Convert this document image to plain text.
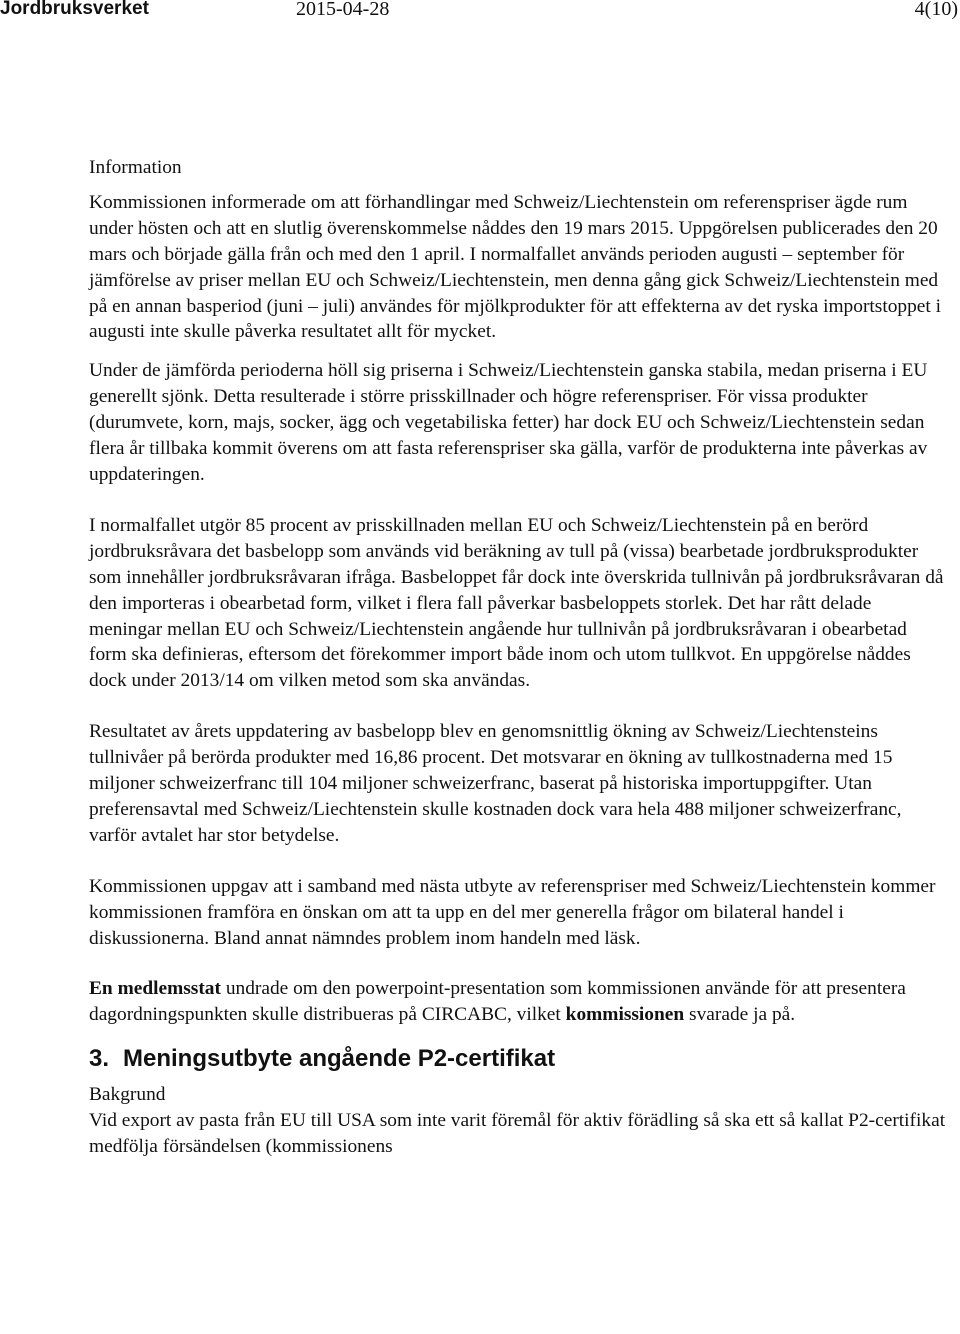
Jordbruksverket	2015-04-28	4(10)
Information

Kommissionen informerade om att förhandlingar med Schweiz/Liechtenstein om referenspriser ägde rum under hösten och att en slutlig överenskommelse nåddes den 19 mars 2015. Uppgörelsen publicerades den 20 mars och började gälla från och med den 1 april. I normalfallet används perioden augusti – september för jämförelse av priser mellan EU och Schweiz/Liechtenstein, men denna gång gick Schweiz/Liechtenstein med på en annan basperiod (juni – juli) användes för mjölkprodukter för att effekterna av det ryska importstoppet i augusti inte skulle påverka resultatet allt för mycket.

Under de jämförda perioderna höll sig priserna i Schweiz/Liechtenstein ganska stabila, medan priserna i EU generellt sjönk. Detta resulterade i större prisskillnader och högre referenspriser. För vissa produkter (durumvete, korn, majs, socker, ägg och vegetabiliska fetter) har dock EU och Schweiz/Liechtenstein sedan flera år tillbaka kommit överens om att fasta referenspriser ska gälla, varför de produkterna inte påverkas av uppdateringen.

I normalfallet utgör 85 procent av prisskillnaden mellan EU och Schweiz/Liechtenstein på en berörd jordbruksråvara det basbelopp som används vid beräkning av tull på (vissa) bearbetade jordbruksprodukter som innehåller jordbruksråvaran ifråga. Basbeloppet får dock inte överskrida tullnivån på jordbruksråvaran då den importeras i obearbetad form, vilket i flera fall påverkar basbeloppets storlek. Det har rått delade meningar mellan EU och Schweiz/Liechtenstein angående hur tullnivån på jordbruksråvaran i obearbetad form ska definieras, eftersom det förekommer import både inom och utom tullkvot. En uppgörelse nåddes dock under 2013/14 om vilken metod som ska användas.

Resultatet av årets uppdatering av basbelopp blev en genomsnittlig ökning av Schweiz/Liechtensteins tullnivåer på berörda produkter med 16,86 procent. Det motsvarar en ökning av tullkostnaderna med 15 miljoner schweizerfranc till 104 miljoner schweizerfranc, baserat på historiska importuppgifter. Utan preferensavtal med Schweiz/Liechtenstein skulle kostnaden dock vara hela 488 miljoner schweizerfranc, varför avtalet har stor betydelse.

Kommissionen uppgav att i samband med nästa utbyte av referenspriser med Schweiz/Liechtenstein kommer kommissionen framföra en önskan om att ta upp en del mer generella frågor om bilateral handel i diskussionerna. Bland annat nämndes problem inom handeln med läsk.

En medlemsstat undrade om den powerpoint-presentation som kommissionen använde för att presentera dagordningspunkten skulle distribueras på CIRCABC, vilket kommissionen svarade ja på.

3. Meningsutbyte angående P2-certifikat
Bakgrund

Vid export av pasta från EU till USA som inte varit föremål för aktiv förädling så ska ett så kallat P2-certifikat medfölja försändelsen (kommissionens
